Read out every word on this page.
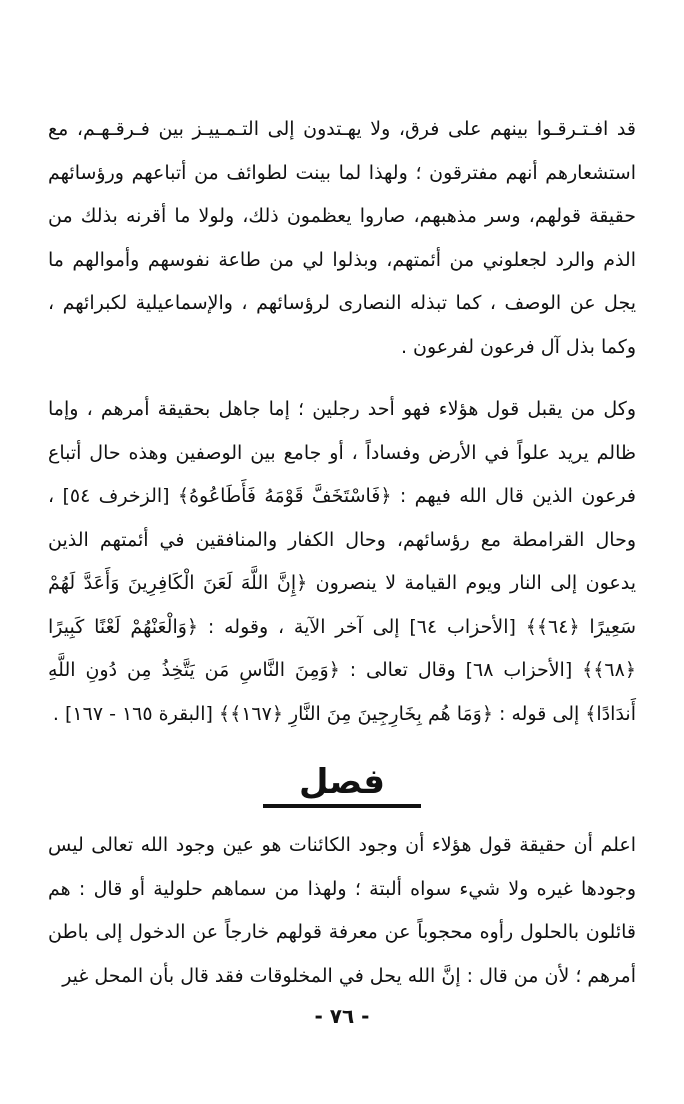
قد افـتـرقـوا بينهم على فرق، ولا يهـتدون إلى التـمـييـز بين فـرقـهـم، مع استشعارهم أنهم مفترقون ؛ ولهذا لما بينت لطوائف من أتباعهم ورؤسائهم حقيقة قولهم، وسر مذهبهم، صاروا يعظمون ذلك، ولولا ما أقرنه بذلك من الذم والرد لجعلوني من أئمتهم، وبذلوا لي من طاعة نفوسهم وأموالهم ما يجل عن الوصف ، كما تبذله النصارى لرؤسائهم ، والإسماعيلية لكبرائهم ، وكما بذل آل فرعون لفرعون .

وكل من يقبل قول هؤلاء فهو أحد رجلين ؛ إما جاهل بحقيقة أمرهم ، وإما ظالم يريد علواً في الأرض وفساداً ، أو جامع بين الوصفين وهذه حال أتباع فرعون الذين قال الله فيهم : ﴿فَاسْتَخَفَّ قَوْمَهُ فَأَطَاعُوهُ﴾ [الزخرف ٥٤] ، وحال القرامطة مع رؤسائهم، وحال الكفار والمنافقين في أئمتهم الذين يدعون إلى النار ويوم القيامة لا ينصرون ﴿إِنَّ اللَّهَ لَعَنَ الْكَافِرِينَ وَأَعَدَّ لَهُمْ سَعِيرًا ﴿٦٤﴾﴾ [الأحزاب ٦٤] إلى آخر الآية ، وقوله : ﴿وَالْعَنْهُمْ لَعْنًا كَبِيرًا ﴿٦٨﴾﴾ [الأحزاب ٦٨] وقال تعالى : ﴿وَمِنَ النَّاسِ مَن يَتَّخِذُ مِن دُونِ اللَّهِ أَندَادًا﴾ إلى قوله : ﴿وَمَا هُم بِخَارِجِينَ مِنَ النَّارِ ﴿١٦٧﴾﴾ [البقرة ١٦٥ - ١٦٧] .

فصل

اعلم أن حقيقة قول هؤلاء أن وجود الكائنات هو عين وجود الله تعالى ليس وجودها غيره ولا شيء سواه ألبتة ؛ ولهذا من سماهم حلولية أو قال : هم قائلون بالحلول رأوه محجوباً عن معرفة قولهم خارجاً عن الدخول إلى باطن أمرهم ؛ لأن من قال : إنَّ الله يحل في المخلوقات فقد قال بأن المحل غير

- ٧٦ -
